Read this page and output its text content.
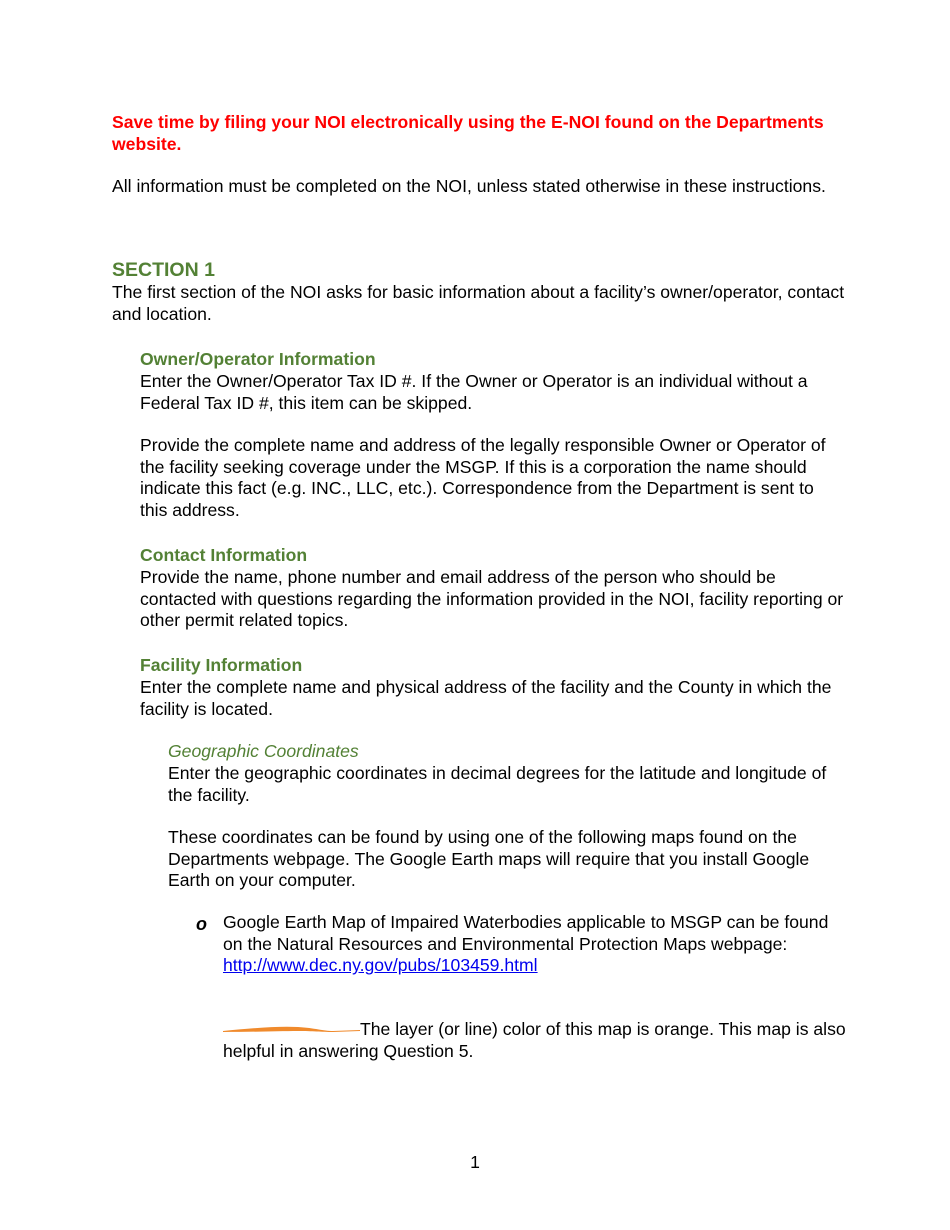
Save time by filing your NOI electronically using the E-NOI found on the Departments website.

All information must be completed on the NOI, unless stated otherwise in these instructions.

SECTION 1

The first section of the NOI asks for basic information about a facility’s owner/operator, contact and location.

Owner/Operator Information

Enter the Owner/Operator Tax ID #. If the Owner or Operator is an individual without a Federal Tax ID #, this item can be skipped.

Provide the complete name and address of the legally responsible Owner or Operator of the facility seeking coverage under the MSGP. If this is a corporation the name should indicate this fact (e.g. INC., LLC, etc.). Correspondence from the Department is sent to this address.

Contact Information

Provide the name, phone number and email address of the person who should be contacted with questions regarding the information provided in the NOI, facility reporting or other permit related topics.

Facility Information

Enter the complete name and physical address of the facility and the County in which the facility is located.

Geographic Coordinates

Enter the geographic coordinates in decimal degrees for the latitude and longitude of the facility.

These coordinates can be found by using one of the following maps found on the Departments webpage. The Google Earth maps will require that you install Google Earth on your computer.

o Google Earth Map of Impaired Waterbodies applicable to MSGP can be found on the Natural Resources and Environmental Protection Maps webpage:
http://www.dec.ny.gov/pubs/103459.html

The layer (or line) color of this map is orange. This map is also helpful in answering Question 5.

1
